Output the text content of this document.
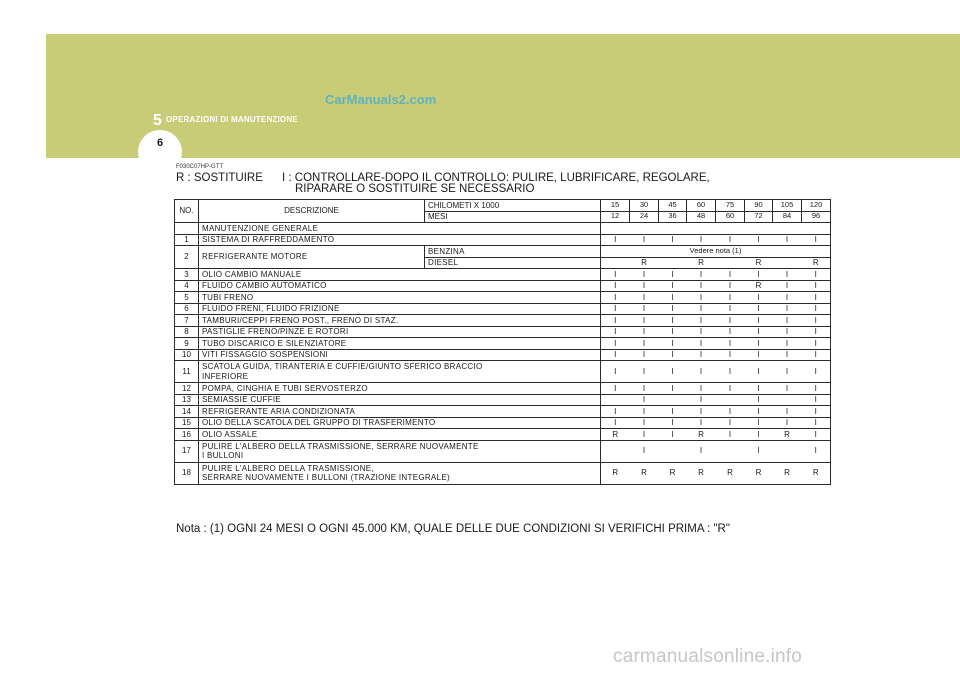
5 OPERAZIONI DI MANUTENZIONE
6
CarManuals2.com
F030C07HP-GTT
R : SOSTITUIRE I : CONTROLLARE-DOPO IL CONTROLLO: PULIRE, LUBRIFICARE, REGOLARE,
RIPARARE O SOSTITUIRE SE NECESSARIO
NO.	DESCRIZIONE	CHILOMETI X 1000	15	30	45	60	75	90	105	120
		MESI	12	24	36	48	60	72	84	96
	MANUTENZIONE GENERALE									
1	SISTEMA DI RAFFREDDAMENTO		I	I	I	I	I	I	I	I
2	REFRIGERANTE MOTORE	BENZINA	Vedere nota (1)							
		DIESEL		R		R		R		R
3	OLIO CAMBIO MANUALE		I	I	I	I	I	I	I	I
4	FLUIDO CAMBIO AUTOMATICO		I	I	I	I	I	R	I	I
5	TUBI FRENO		I	I	I	I	I	I	I	I
6	FLUIDO FRENI, FLUIDO FRIZIONE		I	I	I	I	I	I	I	I
7	TAMBURI/CEPPI FRENO POST., FRENO DI STAZ.		I	I	I	I	I	I	I	I
8	PASTIGLIE FRENO/PINZE E ROTORI		I	I	I	I	I	I	I	I
9	TUBO DISCARICO E SILENZIATORE		I	I	I	I	I	I	I	I
10	VITI FISSAGGIO SOSPENSIONI		I	I	I	I	I	I	I	I
11	SCATOLA GUIDA, TIRANTERIA E CUFFIE/GIUNTO SFERICO BRACCIO
INFERIORE		I	I	I	I	I	I	I	I
12	POMPA, CINGHIA E TUBI SERVOSTERZO		I	I	I	I	I	I	I	I
13	SEMIASSIE CUFFIE			I		I		I		I
14	REFRIGERANTE ARIA CONDIZIONATA		I	I	I	I	I	I	I	I
15	OLIO DELLA SCATOLA DEL GRUPPO DI TRASFERIMENTO		I	I	I	I	I	I	I	I
16	OLIO ASSALE		R	I	I	R	I	I	R	I
17	PULIRE L'ALBERO DELLA TRASMISSIONE, SERRARE NUOVAMENTE
I BULLONI			I		I		I		I
18	PULIRE L'ALBERO DELLA TRASMISSIONE,
SERRARE NUOVAMENTE I BULLONI (TRAZIONE INTEGRALE)		R	R	R	R	R	R	R	R
Nota : (1) OGNI 24 MESI O OGNI 45.000 KM, QUALE DELLE DUE CONDIZIONI SI VERIFICHI PRIMA : "R"
carmanualsonline.info
